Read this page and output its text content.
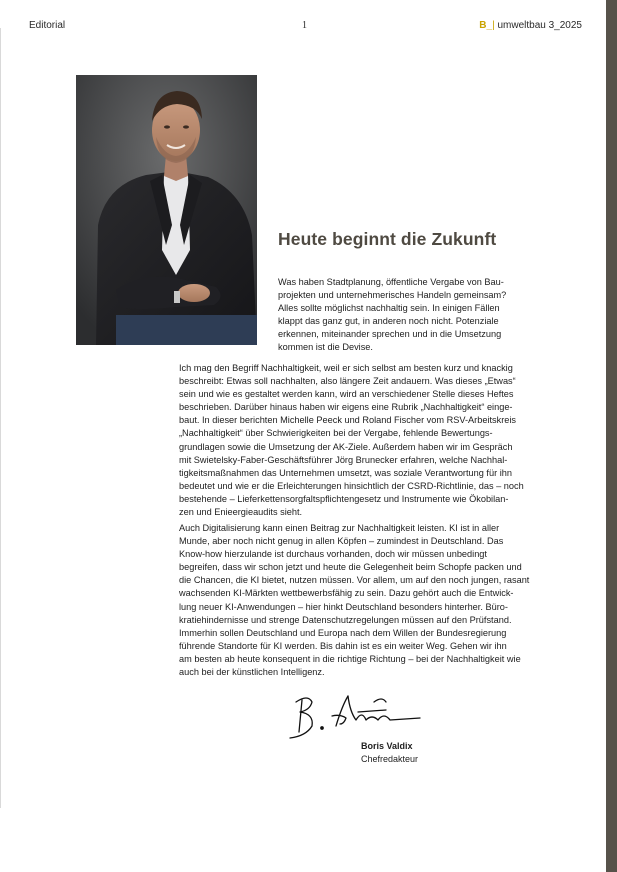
Editorial	1	B_| umweltbau 3_2025
Heute beginnt die Zukunft
Was haben Stadtplanung, öffentliche Vergabe von Bau-
projekten und unternehmerisches Handeln gemeinsam?
Alles sollte möglichst nachhaltig sein. In einigen Fällen
klappt das ganz gut, in anderen noch nicht. Potenziale
erkennen, miteinander sprechen und in die Umsetzung
kommen ist die Devise.
Ich mag den Begriff Nachhaltigkeit, weil er sich selbst am besten kurz und knackig
beschreibt: Etwas soll nachhalten, also längere Zeit andauern. Was dieses „Etwas“
sein und wie es gestaltet werden kann, wird an verschiedener Stelle dieses Heftes
beschrieben. Darüber hinaus haben wir eigens eine Rubrik „Nachhaltigkeit“ einge-
baut. In dieser berichten Michelle Peeck und Roland Fischer vom RSV-Arbeitskreis
„Nachhaltigkeit“ über Schwierigkeiten bei der Vergabe, fehlende Bewertungs-
grundlagen sowie die Umsetzung der AK-Ziele. Außerdem haben wir im Gespräch
mit Swietelsky-Faber-Geschäftsführer Jörg Brunecker erfahren, welche Nachhal-
tigkeitsmaßnahmen das Unternehmen umsetzt, was soziale Verantwortung für ihn
bedeutet und wie er die Erleichterungen hinsichtlich der CSRD-Richtlinie, das – noch
bestehende – Lieferkettensorgfaltspflichtengesetz und Instrumente wie Ökobilan-
zen und Enieergieaudits sieht.
Auch Digitalisierung kann einen Beitrag zur Nachhaltigkeit leisten. KI ist in aller
Munde, aber noch nicht genug in allen Köpfen – zumindest in Deutschland. Das
Know-how hierzulande ist durchaus vorhanden, doch wir müssen unbedingt
begreifen, dass wir schon jetzt und heute die Gelegenheit beim Schopfe packen und
die Chancen, die KI bietet, nutzen müssen. Vor allem, um auf den noch jungen, rasant
wachsenden KI-Märkten wettbewerbsfähig zu sein. Dazu gehört auch die Entwick-
lung neuer KI-Anwendungen – hier hinkt Deutschland besonders hinterher. Büro-
kratiehindernisse und strenge Datenschutzregelungen müssen auf den Prüfstand.
Immerhin sollen Deutschland und Europa nach dem Willen der Bundesregierung
führende Standorte für KI werden. Bis dahin ist es ein weiter Weg. Gehen wir ihn
am besten ab heute konsequent in die richtige Richtung – bei der Nachhaltigkeit wie
auch bei der künstlichen Intelligenz.
Boris Valdix
Chefredakteur
